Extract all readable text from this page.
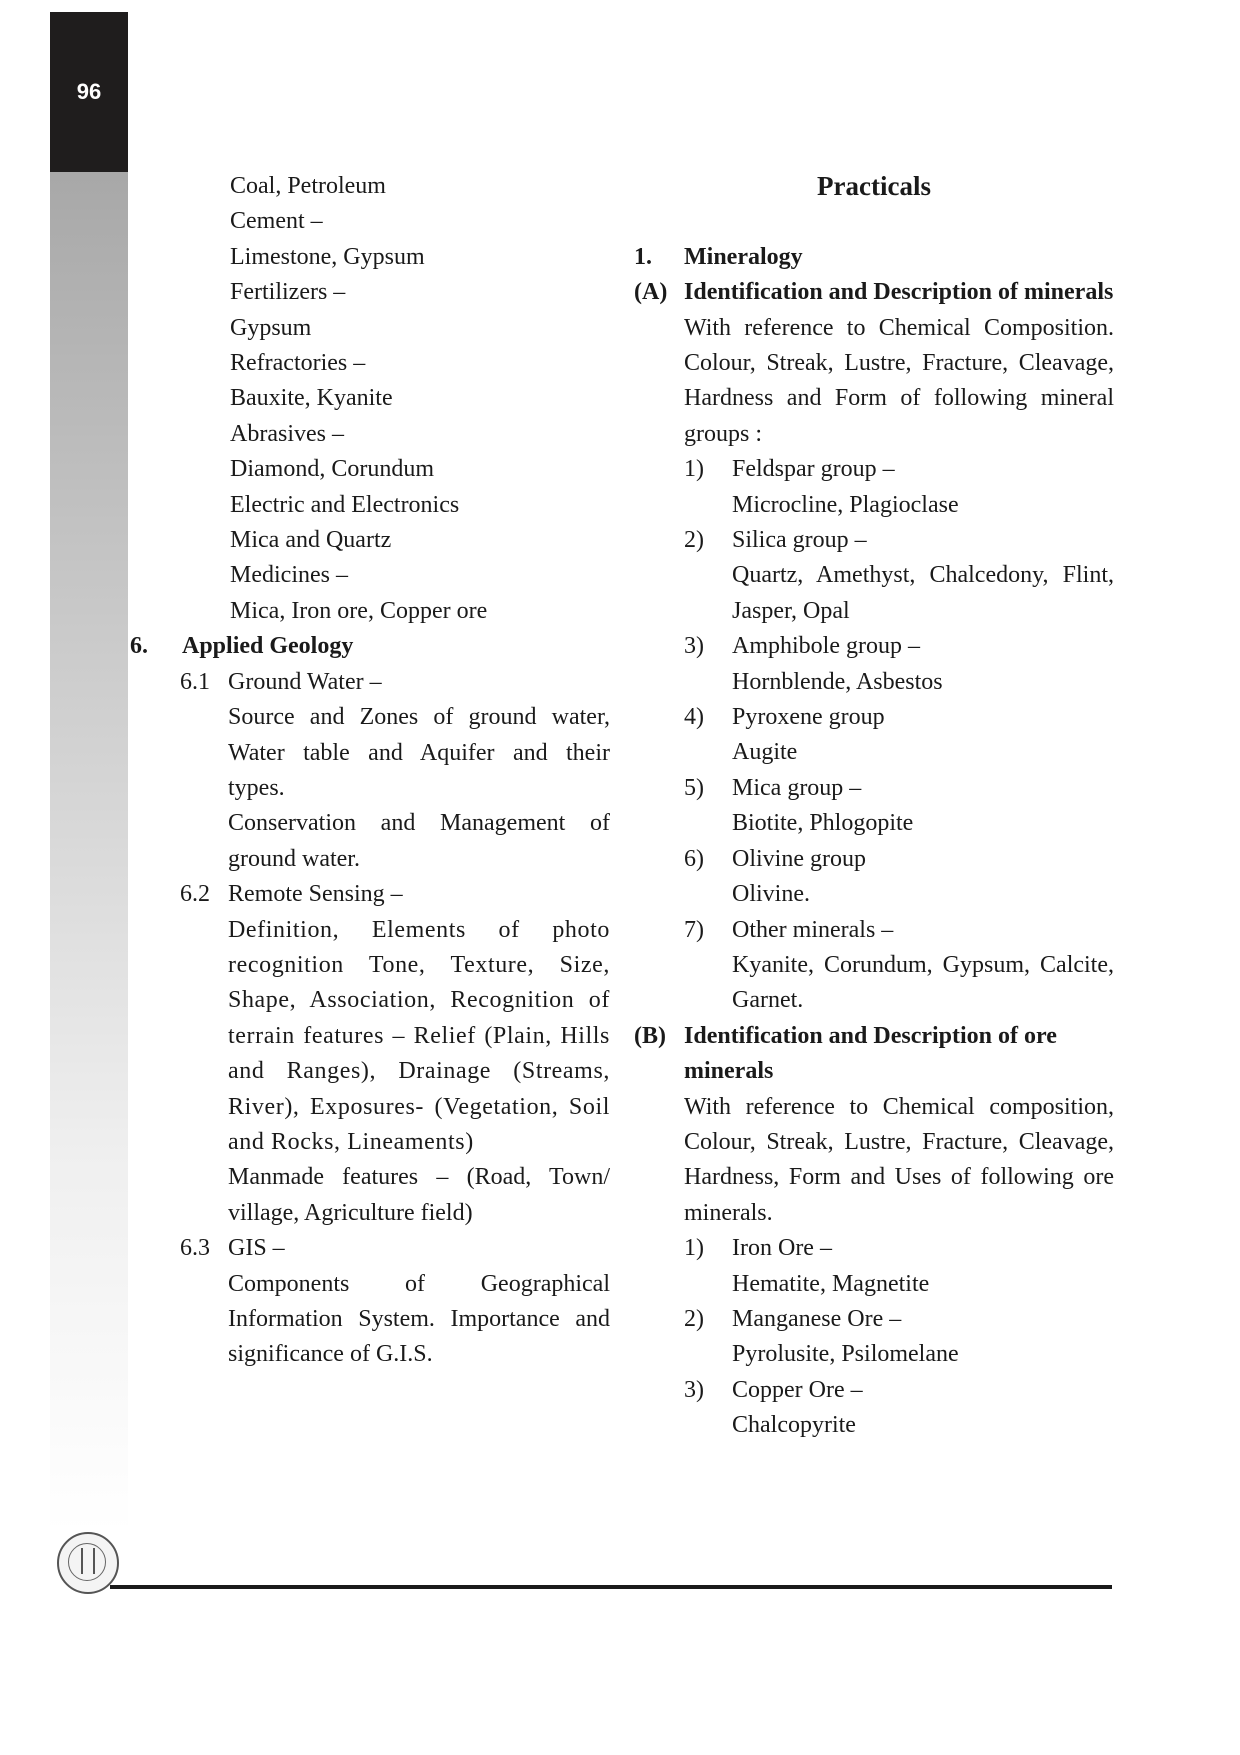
96
Coal, Petroleum
Cement –
Limestone, Gypsum
Fertilizers –
Gypsum
Refractories –
Bauxite, Kyanite
Abrasives –
Diamond, Corundum
Electric and Electronics
Mica and Quartz
Medicines –
Mica, Iron ore, Copper ore
6.	Applied Geology
6.1 Ground Water –
Source and Zones of ground water, Water table and Aquifer and their types.
Conservation and Management of ground water.
6.2 Remote Sensing –
Definition, Elements of photo recognition Tone, Texture, Size, Shape, Association, Recognition of terrain features – Relief (Plain, Hills and Ranges), Drainage (Streams, River), Exposures- (Vegetation, Soil and Rocks, Lineaments)
Manmade features – (Road, Town/ village, Agriculture field)
6.3 GIS –
Components of Geographical Information System. Importance and significance of G.I.S.
Practicals
1.	Mineralogy
(A) Identification and Description of minerals
With reference to Chemical Composition. Colour, Streak, Lustre, Fracture, Cleavage, Hardness and Form of following mineral groups :
1)	Feldspar group –
Microcline, Plagioclase
2)	Silica group –
Quartz, Amethyst, Chalcedony, Flint, Jasper, Opal
3)	Amphibole group –
Hornblende, Asbestos
4)	Pyroxene group
Augite
5)	Mica group –
Biotite, Phlogopite
6)	Olivine group
Olivine.
7)	Other minerals –
Kyanite, Corundum, Gypsum, Calcite, Garnet.
(B) Identification and Description of ore minerals
With reference to Chemical composition, Colour, Streak, Lustre, Fracture, Cleavage, Hardness, Form and Uses of following ore minerals.
1)	Iron Ore –
Hematite, Magnetite
2)	Manganese Ore –
Pyrolusite, Psilomelane
3)	Copper Ore –
Chalcopyrite
